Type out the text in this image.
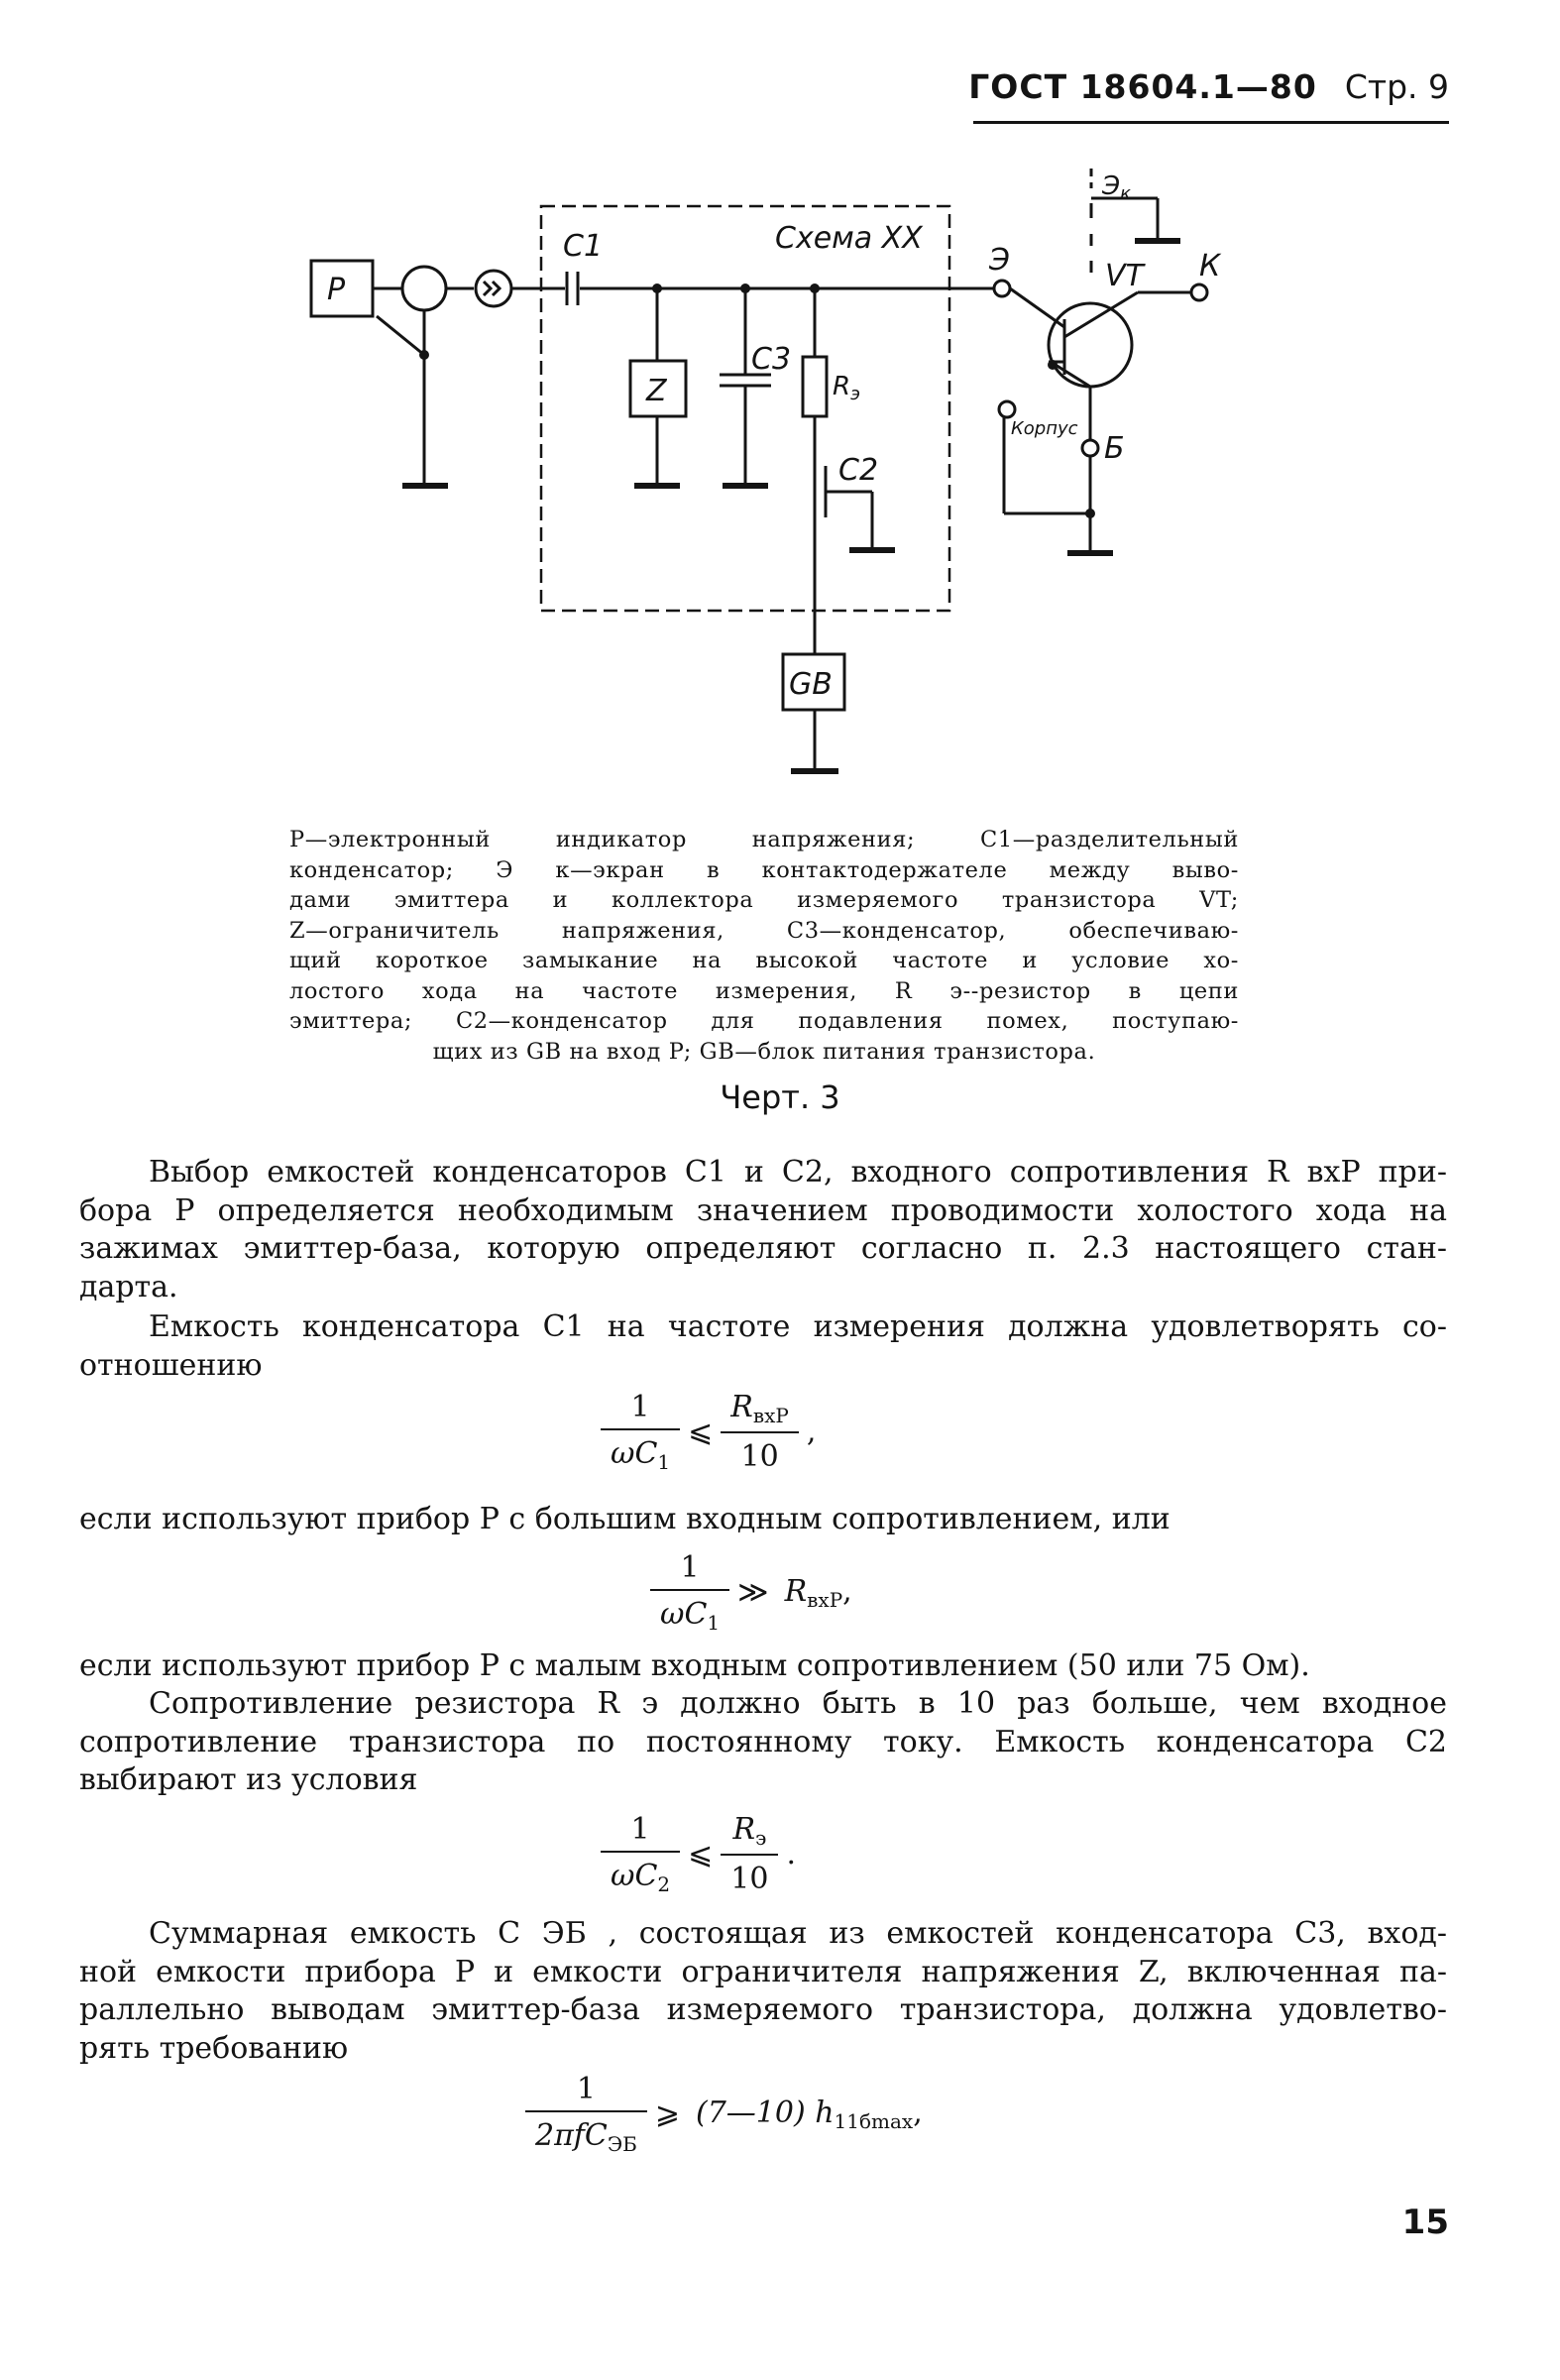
ГОСТ 18604.1—80 Стр. 9
P
Z
GB
C1	Схема XX
C3
C2
Э	VT К
Б
Rэ
Эк
Корпус
P—электронный индикатор напряжения; C1—разделительный
конденсатор; Э к—экран в контактодержателе между выво-
дами эмиттера и коллектора измеряемого транзистора VT;
Z—ограничитель напряжения, C3—конденсатор, обеспечиваю-
щий короткое замыкание на высокой частоте и условие хо-
лостого хода на частоте измерения, R э--резистор в цепи
эмиттера; C2—конденсатор для подавления помех, поступаю-
щих из GB на вход P; GB—блок питания транзистора.
Черт. 3
Выбор емкостей конденсаторов C1 и C2, входного сопротивления R вхP при-
бора P определяется необходимым значением проводимости холостого хода на
зажимах эмиттер-база, которую определяют согласно п. 2.3 настоящего стан-
дарта.
Емкость конденсатора C1 на частоте измерения должна удовлетворять со-
отношению
$\frac{1}{\omega C_1}$ ⩽ $\frac{R_{вхP}}{10}$ ,
если используют прибор P с большим входным сопротивлением, или
$\frac{1}{\omega C_1}$ ≫ $R_{вхP}$,
если используют прибор P с малым входным сопротивлением (50 или 75 Ом).
Сопротивление резистора R э должно быть в 10 раз больше, чем входное
сопротивление транзистора по постоянному току. Емкость конденсатора C2
выбирают из условия
$\frac{1}{\omega C_2}$ ⩽ $\frac{R_э}{10}$ .
Суммарная емкость C ЭБ , состоящая из емкостей конденсатора C3, вход-
ной емкости прибора P и емкости ограничителя напряжения Z, включенная па-
раллельно выводам эмиттер-база измеряемого транзистора, должна удовлетво-
рять требованию
$\frac{1}{2\pi fC_{ЭБ}}$ ⩾ (7—10) $h_{11бmax}$,
15
